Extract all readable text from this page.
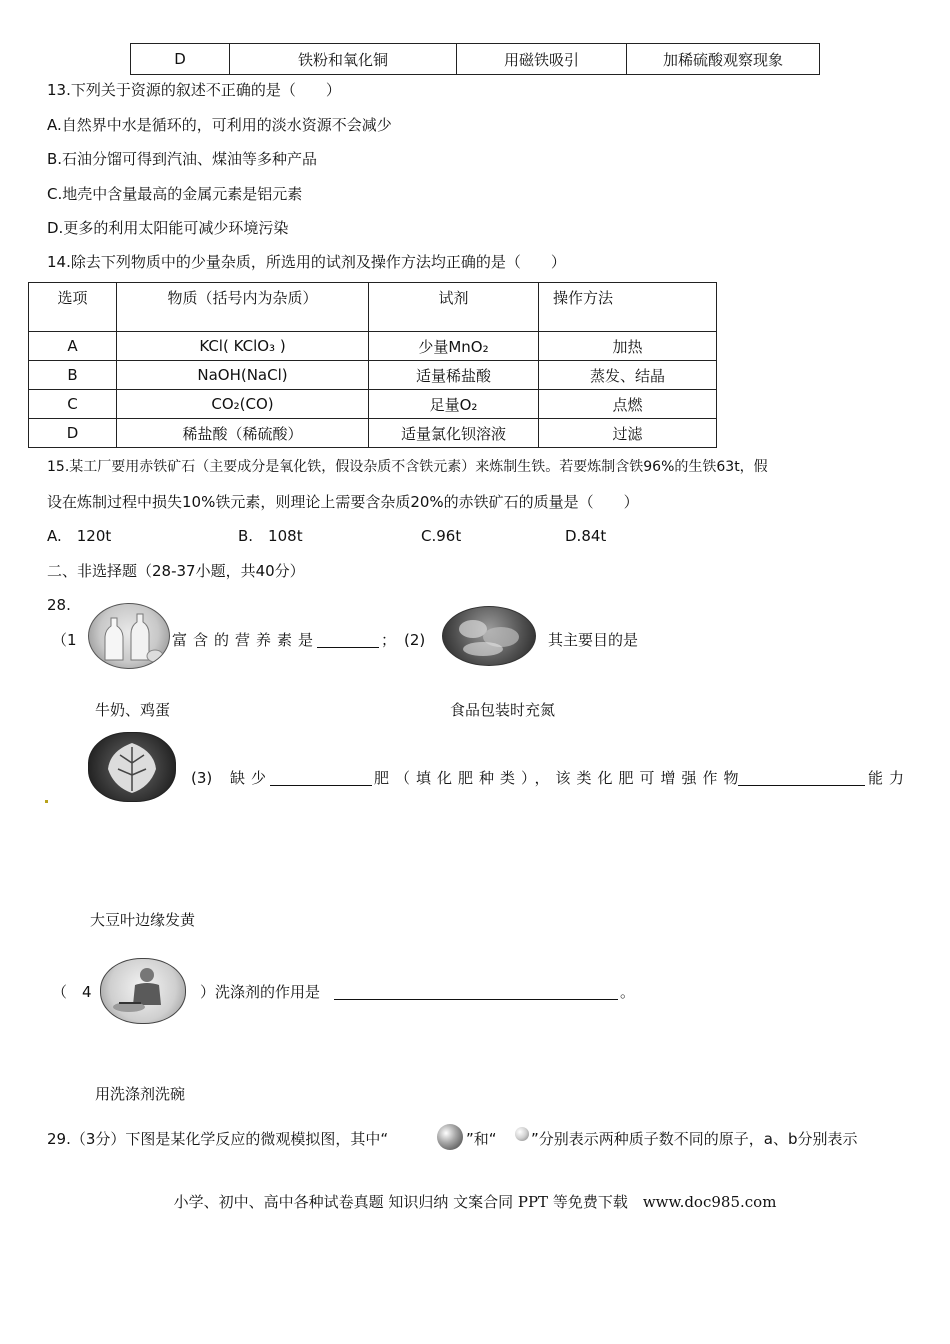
D	铁粉和氧化铜	用磁铁吸引	加稀硫酸观察现象
13.下列关于资源的叙述不正确的是（　　）
A.自然界中水是循环的，可利用的淡水资源不会减少
B.石油分馏可得到汽油、煤油等多种产品
C.地壳中含量最高的金属元素是铝元素
D.更多的利用太阳能可减少环境污染
14.除去下列物质中的少量杂质，所选用的试剂及操作方法均正确的是（　　）
选项	物质（括号内为杂质）	试剂	操作方法
A	KCl( KClO₃ )	少量MnO₂	加热
B	NaOH(NaCl)	适量稀盐酸	蒸发、结晶
C	CO₂(CO)	足量O₂	点燃
D	稀盐酸（稀硫酸）	适量氯化钡溶液	过滤
15.某工厂要用赤铁矿石（主要成分是氧化铁，假设杂质不含铁元素）来炼制生铁。若要炼制含铁96%的生铁63t，假
设在炼制过程中损失10%铁元素，则理论上需要含杂质20%的赤铁矿石的质量是（　　）
A.　120t	B.　108t	C.96t	D.84t
二、非选择题（28-37小题，共40分）
28.
（1	富含的营养素是	； (2)	其主要目的是
牛奶、鸡蛋	食品包装时充氮
(3) 缺少	肥（填化肥种类），该类化肥可增强作物	能力
大豆叶边缘发黄
（　4	）洗涤剂的作用是	。
用洗涤剂洗碗
29.（3分）下图是某化学反应的微观模拟图，其中“	”和“ ”分别表示两种质子数不同的原子，a、b分别表示
小学、初中、高中各种试卷真题 知识归纳 文案合同 PPT 等免费下载　www.doc985.com
